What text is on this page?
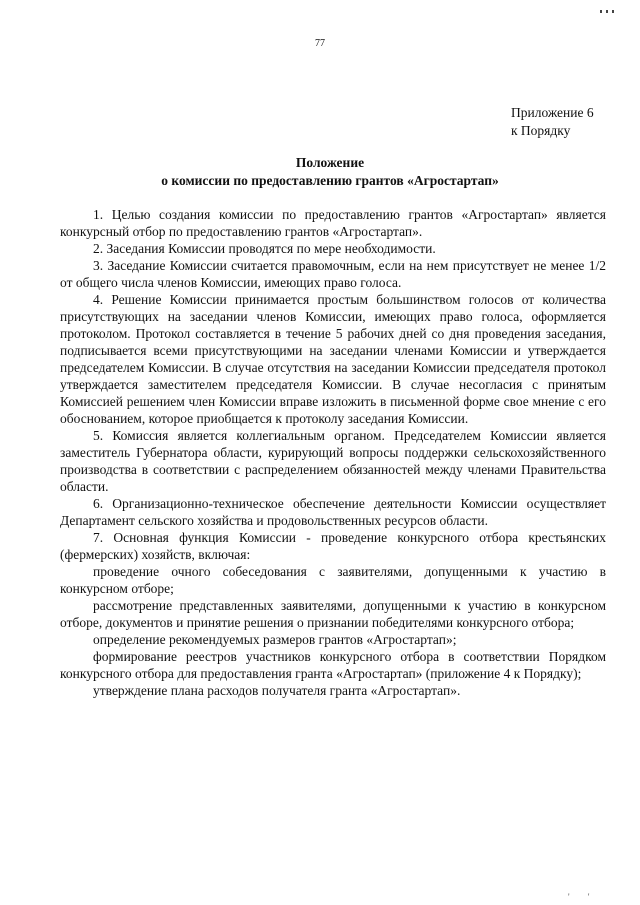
77
Приложение 6
к Порядку
Положение
о комиссии по предоставлению грантов «Агростартап»

1. Целью создания комиссии по предоставлению грантов «Агростартап» является конкурсный отбор по предоставлению грантов «Агростартап».

2. Заседания Комиссии проводятся по мере необходимости.

3. Заседание Комиссии считается правомочным, если на нем присутствует не менее 1/2 от общего числа членов Комиссии, имеющих право голоса.

4. Решение Комиссии принимается простым большинством голосов от количества присутствующих на заседании членов Комиссии, имеющих право голоса, оформляется протоколом. Протокол составляется в течение 5 рабочих дней со дня проведения заседания, подписывается всеми присутствующими на заседании членами Комиссии и утверждается председателем Комиссии. В случае отсутствия на заседании Комиссии председателя протокол утверждается заместителем председателя Комиссии. В случае несогласия с принятым Комиссией решением член Комиссии вправе изложить в письменной форме свое мнение с его обоснованием, которое приобщается к протоколу заседания Комиссии.

5. Комиссия является коллегиальным органом. Председателем Комиссии является заместитель Губернатора области, курирующий вопросы поддержки сельскохозяйственного производства в соответствии с распределением обязанностей между членами Правительства области.

6. Организационно-техническое обеспечение деятельности Комиссии осуществляет Департамент сельского хозяйства и продовольственных ресурсов области.

7. Основная функция Комиссии - проведение конкурсного отбора крестьянских (фермерских) хозяйств, включая:

проведение очного собеседования с заявителями, допущенными к участию в конкурсном отборе;

рассмотрение представленных заявителями, допущенными к участию в конкурсном отборе, документов и принятие решения о признании победителями конкурсного отбора;

определение рекомендуемых размеров грантов «Агростартап»;

формирование реестров участников конкурсного отбора в соответствии Порядком конкурсного отбора для предоставления гранта «Агростартап» (приложение 4 к Порядку);

утверждение плана расходов получателя гранта «Агростартап».

' '
